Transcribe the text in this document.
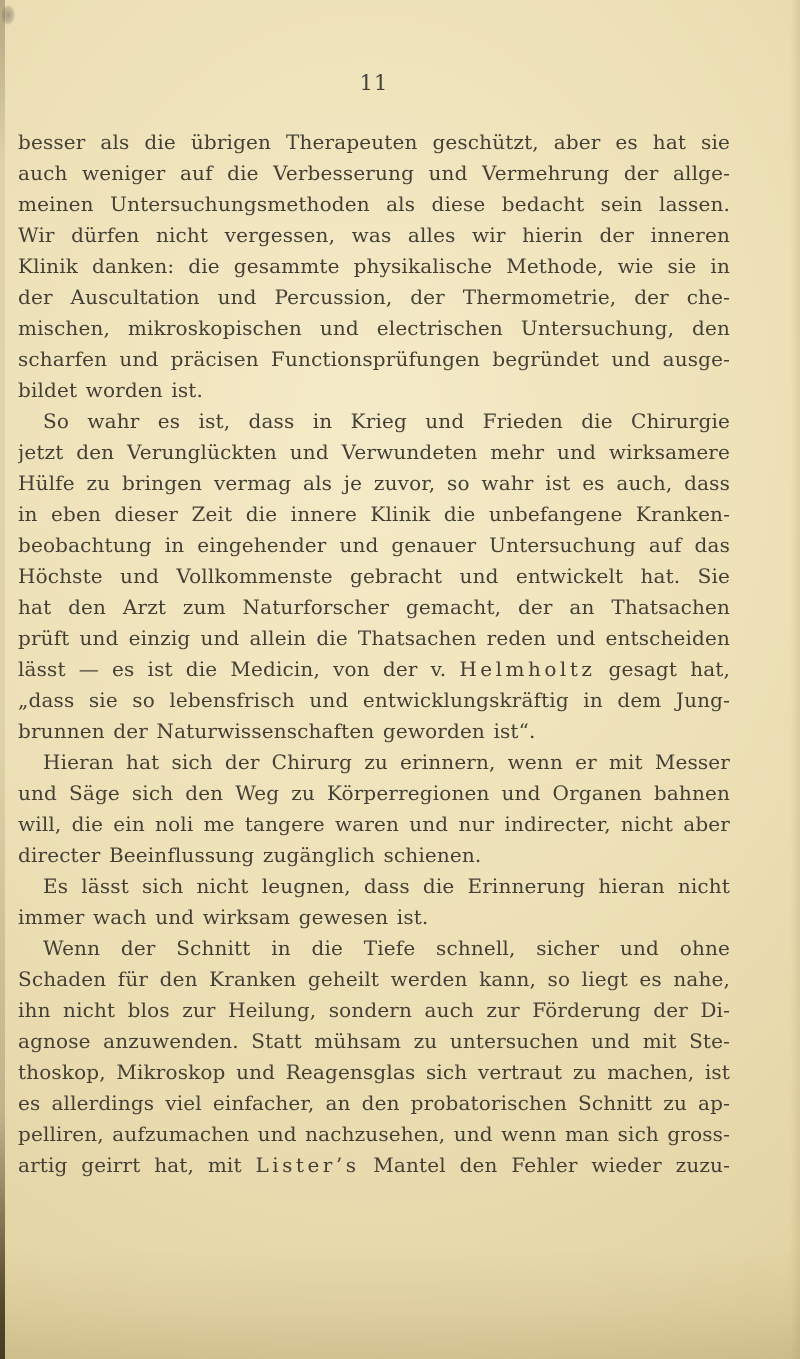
11
besser als die übrigen Therapeuten geschützt, aber es hat sie
auch weniger auf die Verbesserung und Vermehrung der allge-
meinen Untersuchungsmethoden als diese bedacht sein lassen.
Wir dürfen nicht vergessen, was alles wir hierin der inneren
Klinik danken: die gesammte physikalische Methode, wie sie in
der Auscultation und Percussion, der Thermometrie, der che-
mischen, mikroskopischen und electrischen Untersuchung, den
scharfen und präcisen Functionsprüfungen begründet und ausge-
bildet worden ist.
So wahr es ist, dass in Krieg und Frieden die Chirurgie
jetzt den Verunglückten und Verwundeten mehr und wirksamere
Hülfe zu bringen vermag als je zuvor, so wahr ist es auch, dass
in eben dieser Zeit die innere Klinik die unbefangene Kranken-
beobachtung in eingehender und genauer Untersuchung auf das
Höchste und Vollkommenste gebracht und entwickelt hat. Sie
hat den Arzt zum Naturforscher gemacht, der an Thatsachen
prüft und einzig und allein die Thatsachen reden und entscheiden
lässt — es ist die Medicin, von der v. Helmholtz gesagt hat,
„dass sie so lebensfrisch und entwicklungskräftig in dem Jung-
brunnen der Naturwissenschaften geworden ist“.
Hieran hat sich der Chirurg zu erinnern, wenn er mit Messer
und Säge sich den Weg zu Körperregionen und Organen bahnen
will, die ein noli me tangere waren und nur indirecter, nicht aber
directer Beeinflussung zugänglich schienen.
Es lässt sich nicht leugnen, dass die Erinnerung hieran nicht
immer wach und wirksam gewesen ist.
Wenn der Schnitt in die Tiefe schnell, sicher und ohne
Schaden für den Kranken geheilt werden kann, so liegt es nahe,
ihn nicht blos zur Heilung, sondern auch zur Förderung der Di-
agnose anzuwenden. Statt mühsam zu untersuchen und mit Ste-
thoskop, Mikroskop und Reagensglas sich vertraut zu machen, ist
es allerdings viel einfacher, an den probatorischen Schnitt zu ap-
pelliren, aufzumachen und nachzusehen, und wenn man sich gross-
artig geirrt hat, mit Lister’s Mantel den Fehler wieder zuzu-
